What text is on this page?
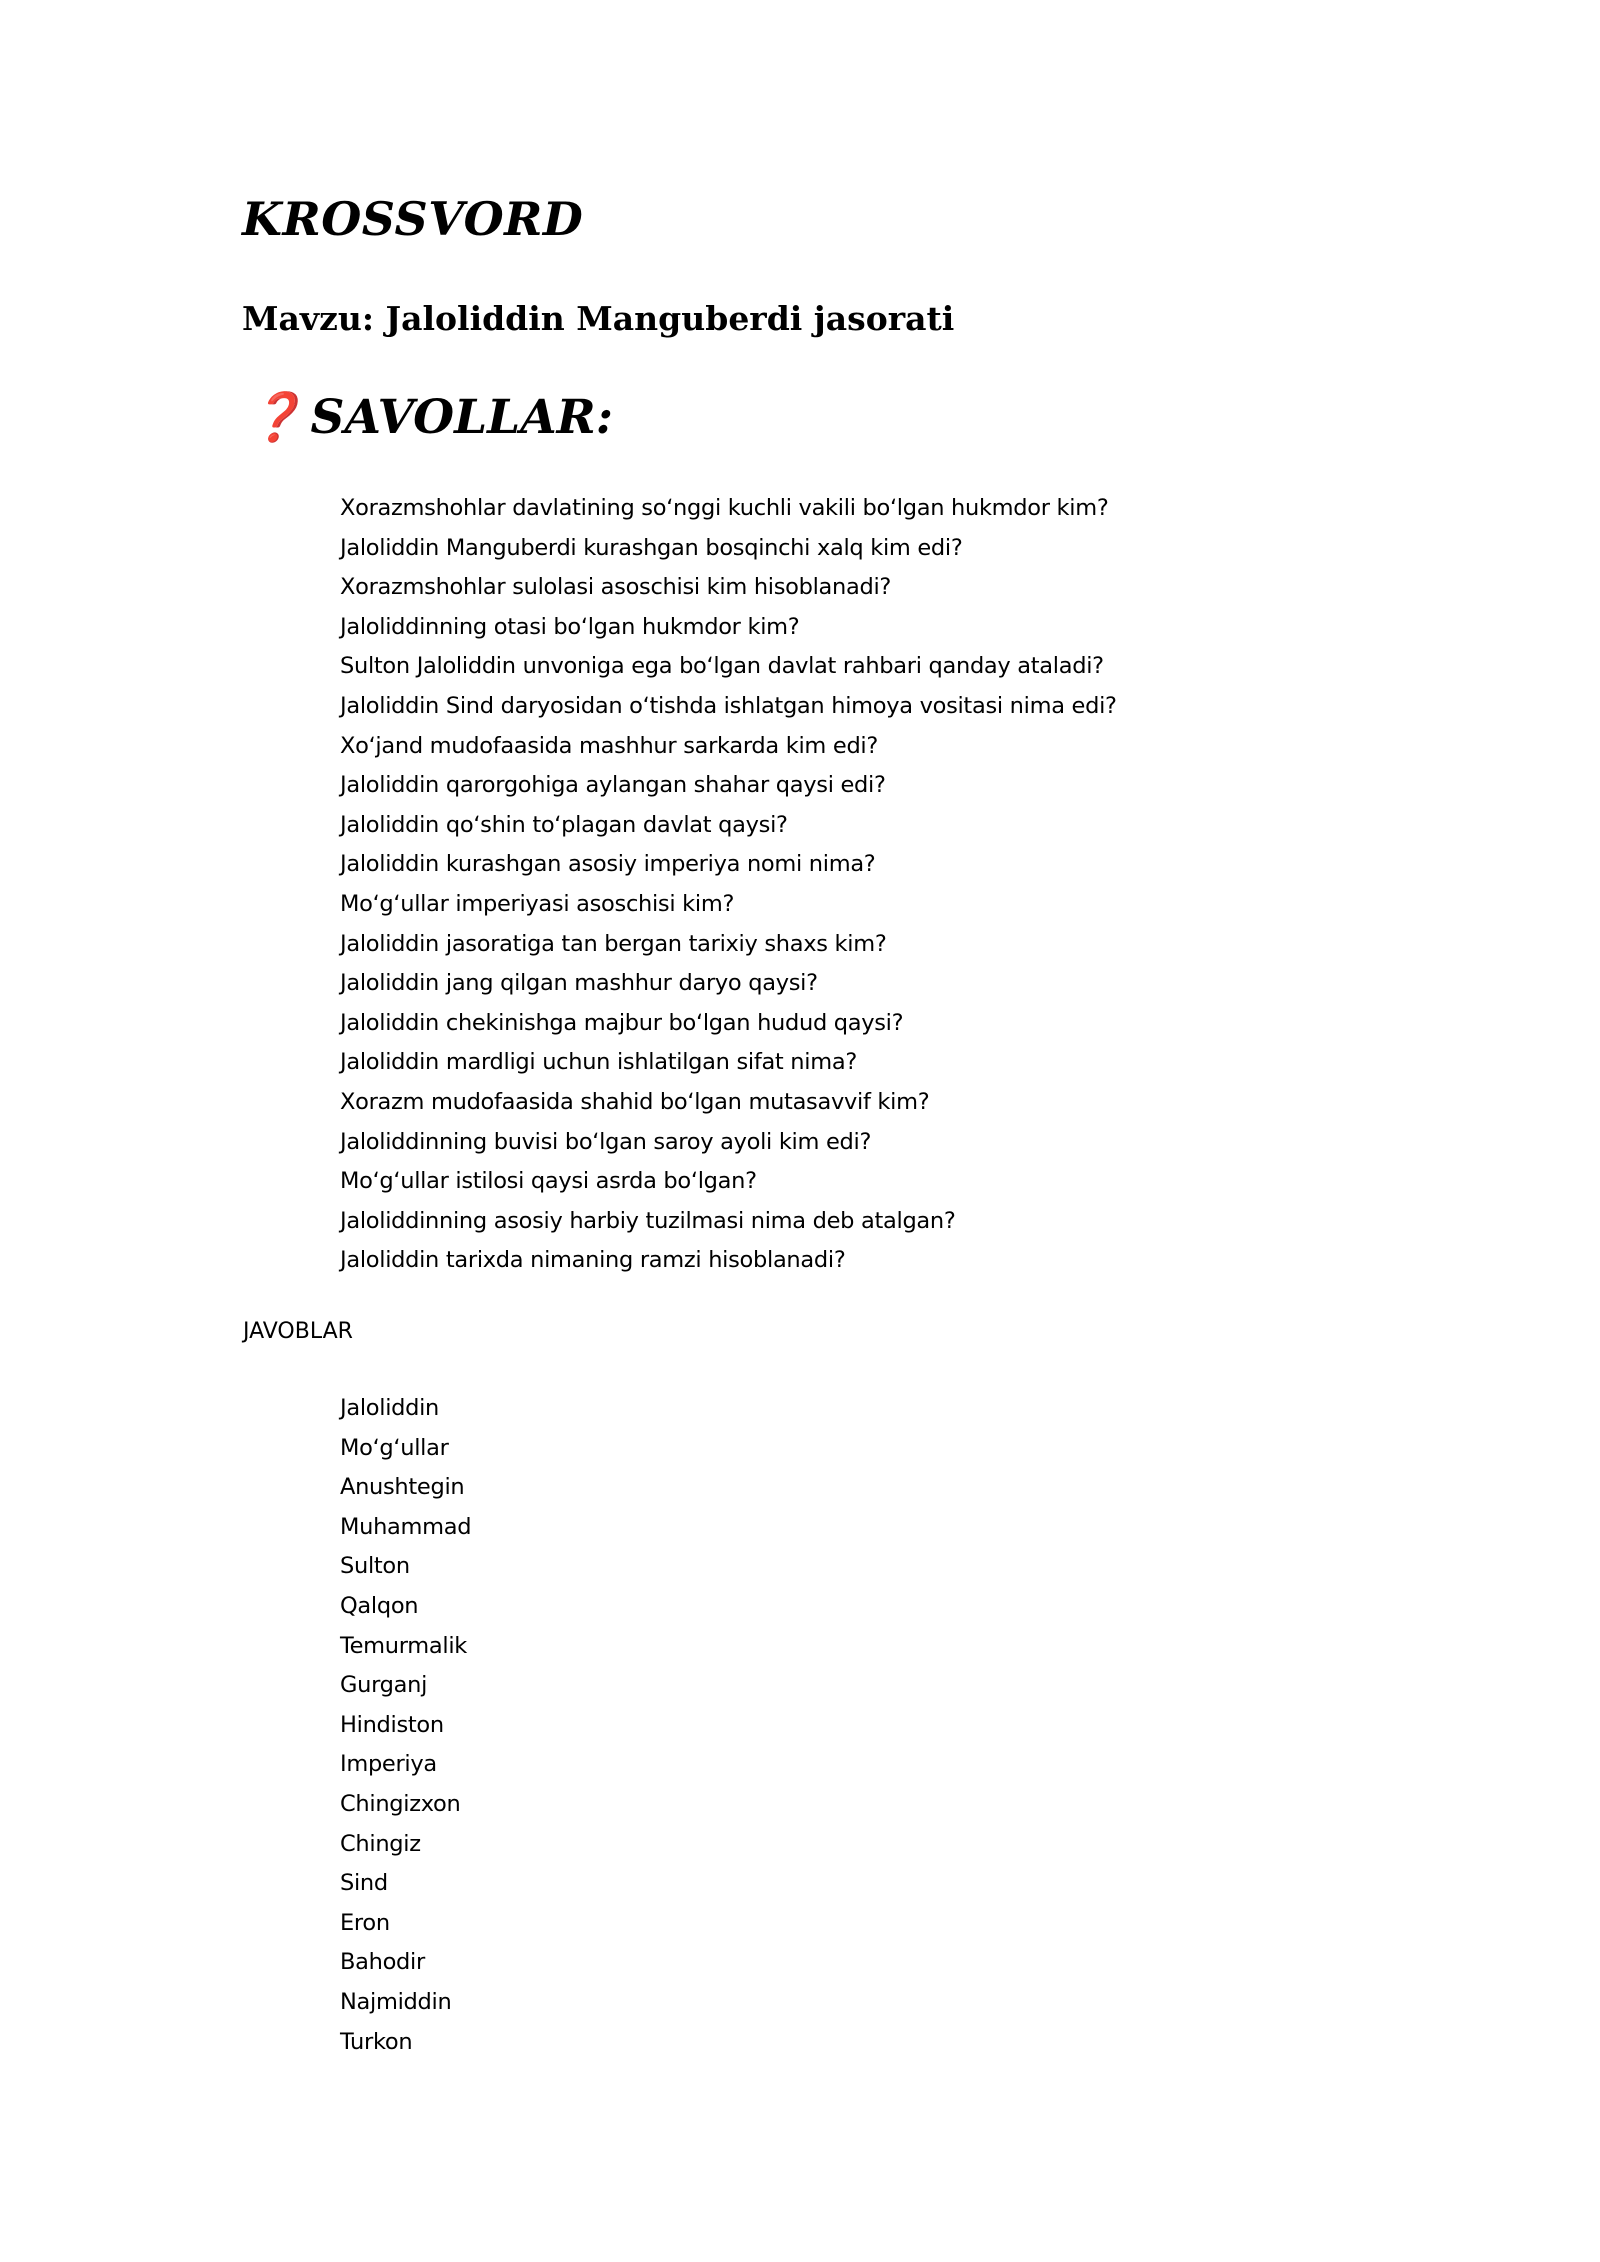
KROSSVORD
Mavzu: Jaloliddin Manguberdi jasorati
❓ SAVOLLAR:
Xorazmshohlar davlatining soʻnggi kuchli vakili boʻlgan hukmdor kim?
Jaloliddin Manguberdi kurashgan bosqinchi xalq kim edi?
Xorazmshohlar sulolasi asoschisi kim hisoblanadi?
Jaloliddinning otasi boʻlgan hukmdor kim?
Sulton Jaloliddin unvoniga ega boʻlgan davlat rahbari qanday ataladi?
Jaloliddin Sind daryosidan oʻtishda ishlatgan himoya vositasi nima edi?
Xoʻjand mudofaasida mashhur sarkarda kim edi?
Jaloliddin qarorgohiga aylangan shahar qaysi edi?
Jaloliddin qoʻshin toʻplagan davlat qaysi?
Jaloliddin kurashgan asosiy imperiya nomi nima?
Moʻgʻullar imperiyasi asoschisi kim?
Jaloliddin jasoratiga tan bergan tarixiy shaxs kim?
Jaloliddin jang qilgan mashhur daryo qaysi?
Jaloliddin chekinishga majbur boʻlgan hudud qaysi?
Jaloliddin mardligi uchun ishlatilgan sifat nima?
Xorazm mudofaasida shahid boʻlgan mutasavvif kim?
Jaloliddinning buvisi boʻlgan saroy ayoli kim edi?
Moʻgʻullar istilosi qaysi asrda boʻlgan?
Jaloliddinning asosiy harbiy tuzilmasi nima deb atalgan?
Jaloliddin tarixda nimaning ramzi hisoblanadi?
JAVOBLAR
Jaloliddin
Moʻgʻullar
Anushtegin
Muhammad
Sulton
Qalqon
Temurmalik
Gurganj
Hindiston
Imperiya
Chingizxon
Chingiz
Sind
Eron
Bahodir
Najmiddin
Turkon
